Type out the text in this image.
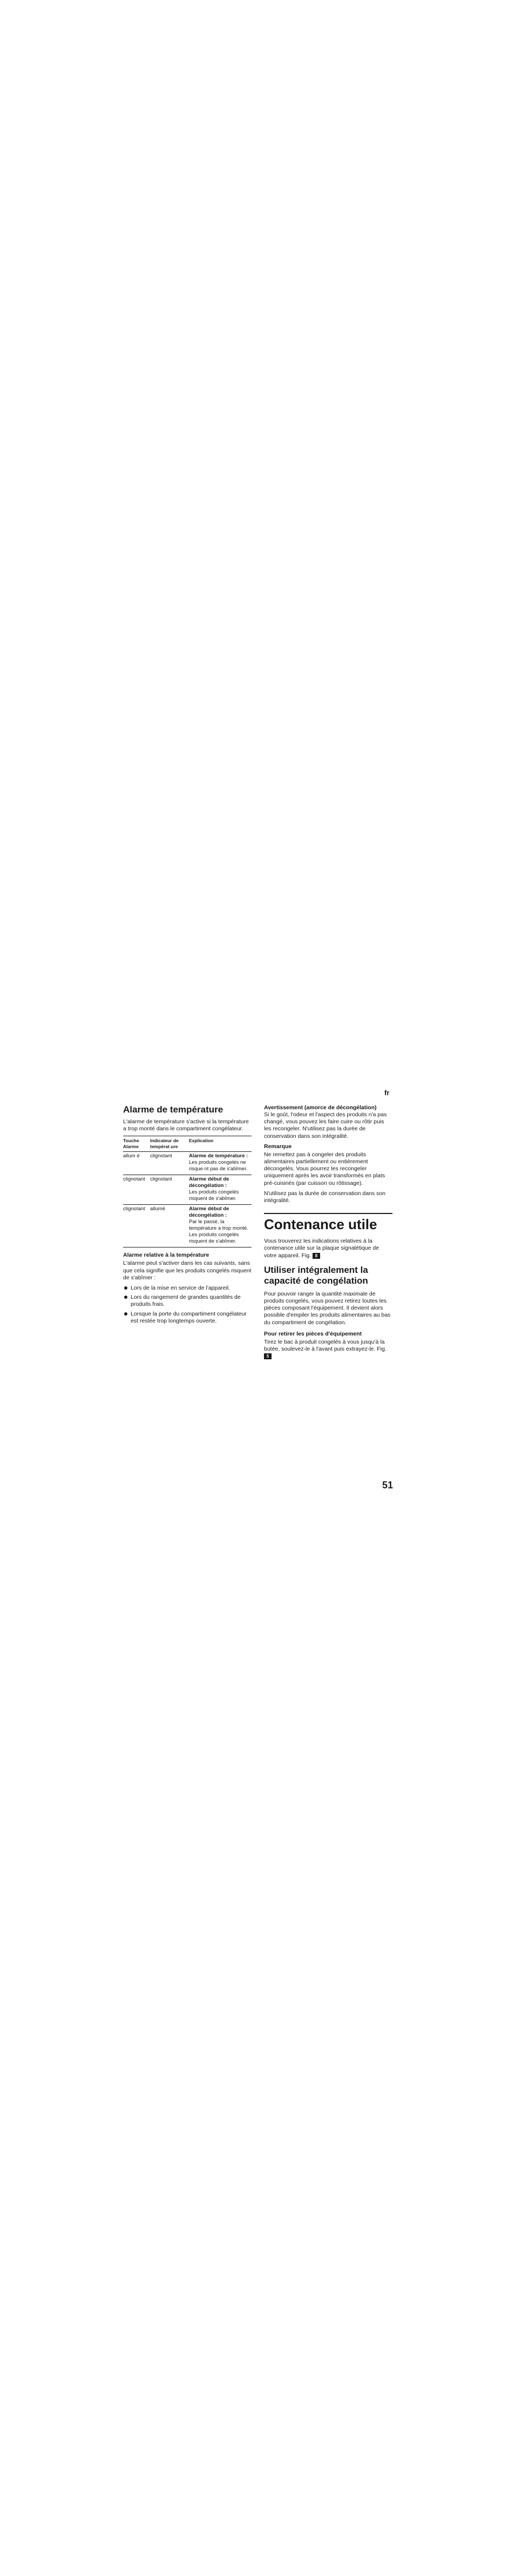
fr
Alarme de température

L'alarme de température s'active si la température a trop monté dans le compartiment congélateur.

Touche Alarme	Indicateur de températ ure	Explication
allum é	clignotant	Alarme de température :
Les produits congelés ne risque nt pas de s'abîmer.
clignotant	clignotant	Alarme début de décongélation :
Les produits congelés risquent de s'abîmer.
clignotant	allumé	Alarme début de décongélation :
Par le passé, la température a trop monté. Les produits congelés risquent de s'abîmer.
Alarme relative à la température

L'alarme peut s'activer dans les cas suivants, sans que cela signifie que les produits congelés risquent de s'abîmer :

Lors de la mise en service de l'appareil.
Lors du rangement de grandes quantités de produits frais.
Lorsque la porte du compartiment congélateur est restée trop longtemps ouverte.
Avertissement (amorce de décongélation)

Si le goût, l'odeur et l'aspect des produits n'a pas changé, vous pouvez les faire cuire ou rôtir puis les recongeler. N'utilisez pas la durée de conservation dans son intégralité.

Remarque

Ne remettez pas à congeler des produits alimentaires partiellement ou entièrement décongelés. Vous pourrez les recongeler uniquement après les avoir transformés en plats pré-cuisinés (par cuisson ou rôtissage).

N'utilisez pas la durée de conservation dans son intégralité.

Contenance utile

Vous trouverez les indications relatives à la contenance utile sur la plaque signalétique de votre appareil. Fig. 8

Utiliser intégralement la capacité de congélation

Pour pouvoir ranger la quantité maximale de produits congelés, vous pouvez retirez toutes les pièces composant l'équipement. Il devient alors possible d'empiler les produits alimentaires au bas du compartiment de congélation.

Pour retirer les pièces d'équipement

Tirez le bac à produit congelés à vous jusqu'à la butée, soulevez-le à l'avant puis extrayez-le. Fig. 5

51
